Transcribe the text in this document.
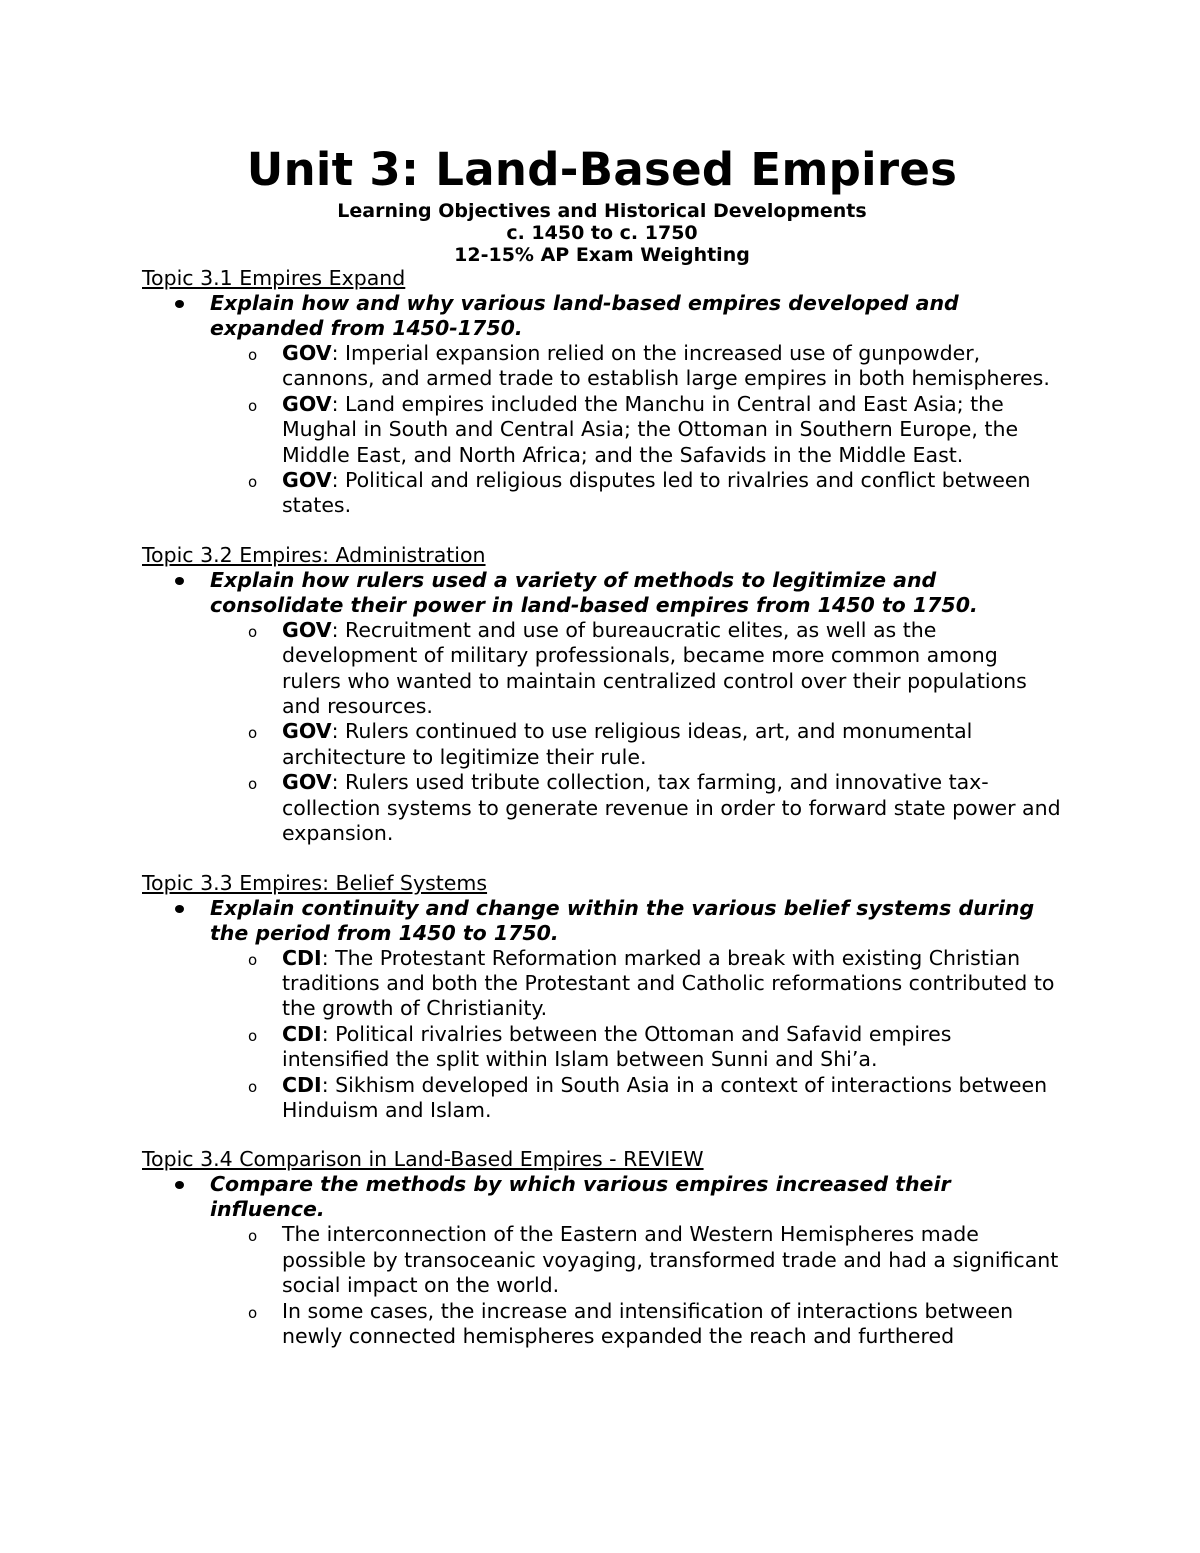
Unit 3: Land-Based Empires
Learning Objectives and Historical Developments
c. 1450 to c. 1750
12-15% AP Exam Weighting
Topic 3.1 Empires Expand
Explain how and why various land-based empires developed and expanded from 1450-1750.
o GOV: Imperial expansion relied on the increased use of gunpowder, cannons, and armed trade to establish large empires in both hemispheres.
o GOV: Land empires included the Manchu in Central and East Asia; the Mughal in South and Central Asia; the Ottoman in Southern Europe, the Middle East, and North Africa; and the Safavids in the Middle East.
o GOV: Political and religious disputes led to rivalries and conflict between states.
Topic 3.2 Empires: Administration
Explain how rulers used a variety of methods to legitimize and consolidate their power in land-based empires from 1450 to 1750.
o GOV: Recruitment and use of bureaucratic elites, as well as the development of military professionals, became more common among rulers who wanted to maintain centralized control over their populations and resources.
o GOV: Rulers continued to use religious ideas, art, and monumental architecture to legitimize their rule.
o GOV: Rulers used tribute collection, tax farming, and innovative tax-collection systems to generate revenue in order to forward state power and expansion.
Topic 3.3 Empires: Belief Systems
Explain continuity and change within the various belief systems during the period from 1450 to 1750.
o CDI: The Protestant Reformation marked a break with existing Christian traditions and both the Protestant and Catholic reformations contributed to the growth of Christianity.
o CDI: Political rivalries between the Ottoman and Safavid empires intensified the split within Islam between Sunni and Shi’a.
o CDI: Sikhism developed in South Asia in a context of interactions between Hinduism and Islam.
Topic 3.4 Comparison in Land-Based Empires - REVIEW
Compare the methods by which various empires increased their influence.
o The interconnection of the Eastern and Western Hemispheres made possible by transoceanic voyaging, transformed trade and had a significant social impact on the world.
o In some cases, the increase and intensification of interactions between newly connected hemispheres expanded the reach and furthered
